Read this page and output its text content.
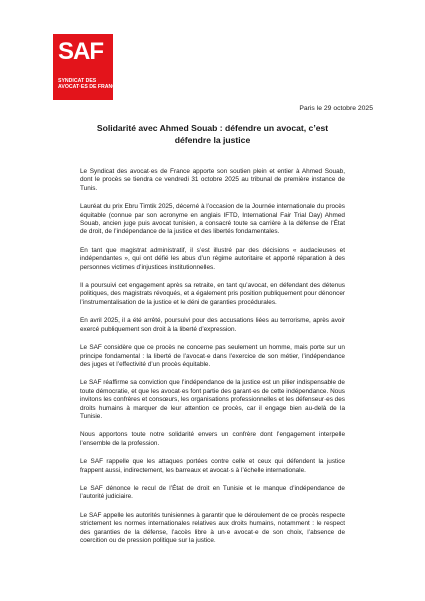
SAF
SYNDICAT DES
AVOCAT·ES DE FRANCE
Paris le 29 octobre 2025
Solidarité avec Ahmed Souab : défendre un avocat, c’est défendre la justice

Le Syndicat des avocat·es de France apporte son soutien plein et entier à Ahmed Souab, dont le procès se tiendra ce vendredi 31 octobre 2025 au tribunal de première instance de Tunis.

Lauréat du prix Ebru Timtik 2025, décerné à l’occasion de la Journée internationale du procès équitable (connue par son acronyme en anglais IFTD, International Fair Trial Day) Ahmed Souab, ancien juge puis avocat tunisien, a consacré toute sa carrière à la défense de l’État de droit, de l’indépendance de la justice et des libertés fondamentales.

En tant que magistrat administratif, il s’est illustré par des décisions « audacieuses et indépendantes », qui ont défié les abus d’un régime autoritaire et apporté réparation à des personnes victimes d’injustices institutionnelles.

Il a poursuivi cet engagement après sa retraite, en tant qu’avocat, en défendant des détenus politiques, des magistrats révoqués, et a également pris position publiquement pour dénoncer l’instrumentalisation de la justice et le déni de garanties procédurales.

En avril 2025, il a été arrêté, poursuivi pour des accusations liées au terrorisme, après avoir exercé publiquement son droit à la liberté d’expression.

Le SAF considère que ce procès ne concerne pas seulement un homme, mais porte sur un principe fondamental : la liberté de l’avocat·e dans l’exercice de son métier, l’indépendance des juges et l’effectivité d’un procès équitable.

Le SAF réaffirme sa conviction que l’indépendance de la justice est un pilier indispensable de toute démocratie, et que les avocat·es font partie des garant·es de cette indépendance. Nous invitons les confrères et consœurs, les organisations professionnelles et les défenseur·es des droits humains à marquer de leur attention ce procès, car il engage bien au-delà de la Tunisie.

Nous apportons toute notre solidarité envers un confrère dont l’engagement interpelle l’ensemble de la profession.

Le SAF rappelle que les attaques portées contre celle et ceux qui défendent la justice frappent aussi, indirectement, les barreaux et avocat·s à l’échelle internationale.

Le SAF dénonce le recul de l’État de droit en Tunisie et le manque d’indépendance de l’autorité judiciaire.

Le SAF appelle les autorités tunisiennes à garantir que le déroulement de ce procès respecte strictement les normes internationales relatives aux droits humains, notamment : le respect des garanties de la défense, l’accès libre à un·e avocat·e de son choix, l’absence de coercition ou de pression politique sur la justice.
